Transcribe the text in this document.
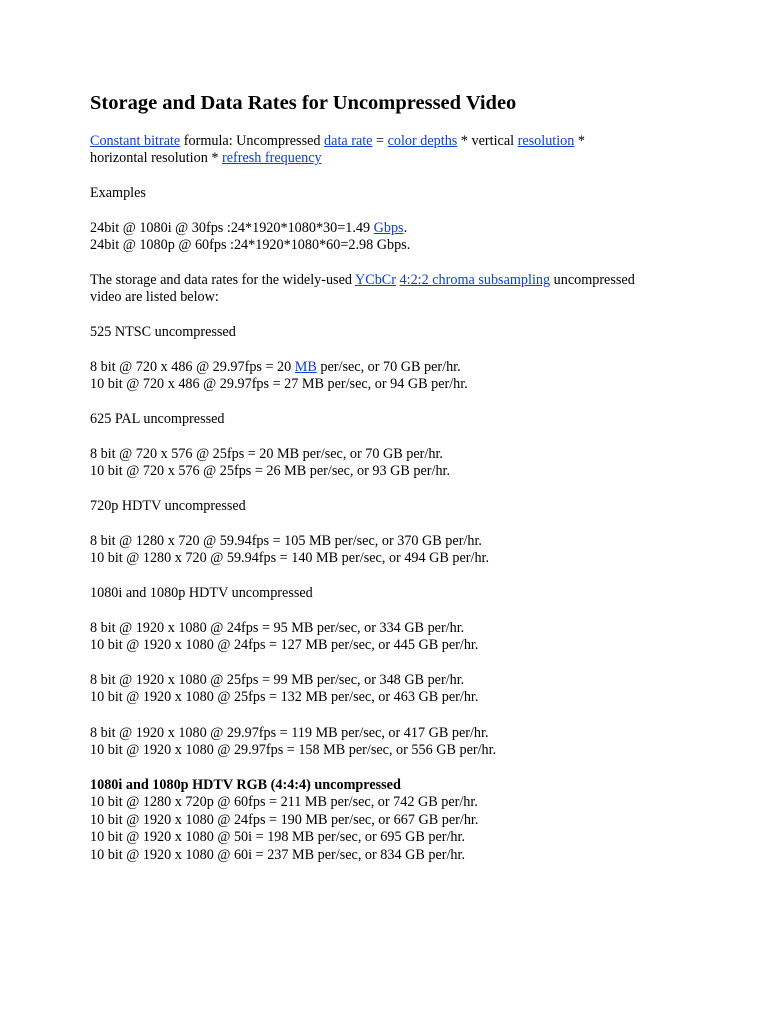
Storage and Data Rates for Uncompressed Video
Constant bitrate formula: Uncompressed data rate = color depths * vertical resolution *
horizontal resolution * refresh frequency
Examples
24bit @ 1080i @ 30fps :24*1920*1080*30=1.49 Gbps.
24bit @ 1080p @ 60fps :24*1920*1080*60=2.98 Gbps.
The storage and data rates for the widely-used YCbCr 4:2:2 chroma subsampling uncompressed
video are listed below:
525 NTSC uncompressed
8 bit @ 720 x 486 @ 29.97fps = 20 MB per/sec, or 70 GB per/hr.
10 bit @ 720 x 486 @ 29.97fps = 27 MB per/sec, or 94 GB per/hr.
625 PAL uncompressed
8 bit @ 720 x 576 @ 25fps = 20 MB per/sec, or 70 GB per/hr.
10 bit @ 720 x 576 @ 25fps = 26 MB per/sec, or 93 GB per/hr.
720p HDTV uncompressed
8 bit @ 1280 x 720 @ 59.94fps = 105 MB per/sec, or 370 GB per/hr.
10 bit @ 1280 x 720 @ 59.94fps = 140 MB per/sec, or 494 GB per/hr.
1080i and 1080p HDTV uncompressed
8 bit @ 1920 x 1080 @ 24fps = 95 MB per/sec, or 334 GB per/hr.
10 bit @ 1920 x 1080 @ 24fps = 127 MB per/sec, or 445 GB per/hr.
8 bit @ 1920 x 1080 @ 25fps = 99 MB per/sec, or 348 GB per/hr.
10 bit @ 1920 x 1080 @ 25fps = 132 MB per/sec, or 463 GB per/hr.
8 bit @ 1920 x 1080 @ 29.97fps = 119 MB per/sec, or 417 GB per/hr.
10 bit @ 1920 x 1080 @ 29.97fps = 158 MB per/sec, or 556 GB per/hr.
1080i and 1080p HDTV RGB (4:4:4) uncompressed
10 bit @ 1280 x 720p @ 60fps = 211 MB per/sec, or 742 GB per/hr.
10 bit @ 1920 x 1080 @ 24fps = 190 MB per/sec, or 667 GB per/hr.
10 bit @ 1920 x 1080 @ 50i = 198 MB per/sec, or 695 GB per/hr.
10 bit @ 1920 x 1080 @ 60i = 237 MB per/sec, or 834 GB per/hr.
